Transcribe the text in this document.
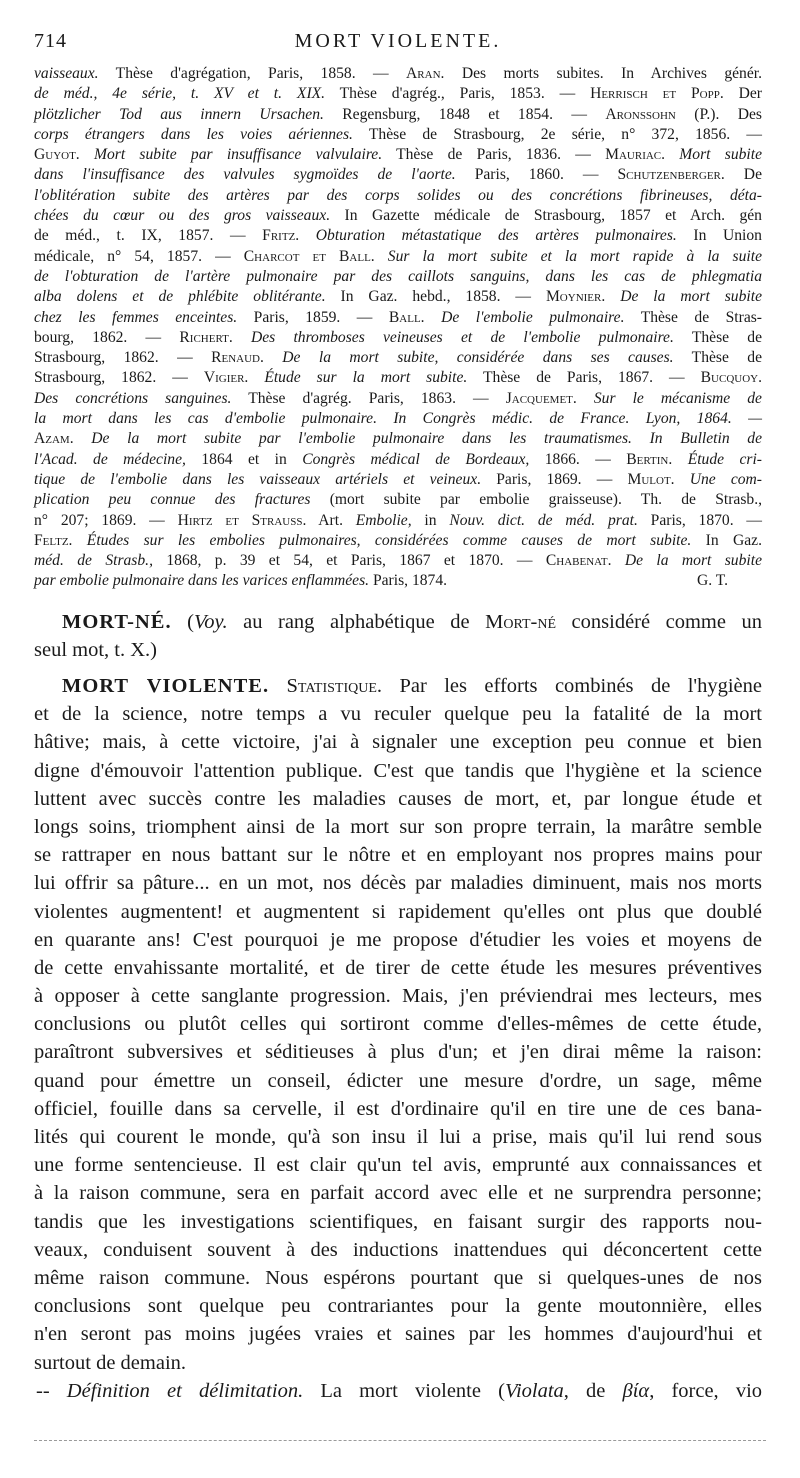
714	MORT VIOLENTE.
vaisseaux. Thèse d'agrégation, Paris, 1858. — Aran. Des morts subites. In Archives génér.
de méd., 4e série, t. XV et t. XIX. Thèse d'agrég., Paris, 1853. — Herrisch et Popp. Der
plötzlicher Tod aus innern Ursachen. Regensburg, 1848 et 1854. — Aronssohn (P.). Des
corps étrangers dans les voies aériennes. Thèse de Strasbourg, 2e série, n° 372, 1856. —
Guyot. Mort subite par insuffisance valvulaire. Thèse de Paris, 1836. — Mauriac. Mort subite
dans l'insuffisance des valvules sygmoïdes de l'aorte. Paris, 1860. — Schutzenberger. De
l'oblitération subite des artères par des corps solides ou des concrétions fibrineuses, déta-
chées du cœur ou des gros vaisseaux. In Gazette médicale de Strasbourg, 1857 et Arch. gén
de méd., t. IX, 1857. — Fritz. Obturation métastatique des artères pulmonaires. In Union
médicale, n° 54, 1857. — Charcot et Ball. Sur la mort subite et la mort rapide à la suite
de l'obturation de l'artère pulmonaire par des caillots sanguins, dans les cas de phlegmatia
alba dolens et de phlébite oblitérante. In Gaz. hebd., 1858. — Moynier. De la mort subite
chez les femmes enceintes. Paris, 1859. — Ball. De l'embolie pulmonaire. Thèse de Stras-
bourg, 1862. — Richert. Des thromboses veineuses et de l'embolie pulmonaire. Thèse de
Strasbourg, 1862. — Renaud. De la mort subite, considérée dans ses causes. Thèse de
Strasbourg, 1862. — Vigier. Étude sur la mort subite. Thèse de Paris, 1867. — Bucquoy.
Des concrétions sanguines. Thèse d'agrég. Paris, 1863. — Jacquemet. Sur le mécanisme de
la mort dans les cas d'embolie pulmonaire. In Congrès médic. de France. Lyon, 1864. —
Azam. De la mort subite par l'embolie pulmonaire dans les traumatismes. In Bulletin de
l'Acad. de médecine, 1864 et in Congrès médical de Bordeaux, 1866. — Bertin. Étude cri-
tique de l'embolie dans les vaisseaux artériels et veineux. Paris, 1869. — Mulot. Une com-
plication peu connue des fractures (mort subite par embolie graisseuse). Th. de Strasb.,
n° 207; 1869. — Hirtz et Strauss. Art. Embolie, in Nouv. dict. de méd. prat. Paris, 1870. —
Feltz. Études sur les embolies pulmonaires, considérées comme causes de mort subite. In Gaz.
méd. de Strasb., 1868, p. 39 et 54, et Paris, 1867 et 1870. — Chabenat. De la mort subite
par embolie pulmonaire dans les varices enflammées. Paris, 1874.	G. T.
MORT-NÉ. (Voy. au rang alphabétique de Mort-né considéré comme un
seul mot, t. X.)
MORT VIOLENTE. Statistique. Par les efforts combinés de l'hygiène
et de la science, notre temps a vu reculer quelque peu la fatalité de la mort
hâtive; mais, à cette victoire, j'ai à signaler une exception peu connue et bien
digne d'émouvoir l'attention publique. C'est que tandis que l'hygiène et la science
luttent avec succès contre les maladies causes de mort, et, par longue étude et
longs soins, triomphent ainsi de la mort sur son propre terrain, la marâtre semble
se rattraper en nous battant sur le nôtre et en employant nos propres mains pour
lui offrir sa pâture... en un mot, nos décès par maladies diminuent, mais nos morts
violentes augmentent! et augmentent si rapidement qu'elles ont plus que doublé
en quarante ans! C'est pourquoi je me propose d'étudier les voies et moyens de
de cette envahissante mortalité, et de tirer de cette étude les mesures préventives
à opposer à cette sanglante progression. Mais, j'en préviendrai mes lecteurs, mes
conclusions ou plutôt celles qui sortiront comme d'elles-mêmes de cette étude,
paraîtront subversives et séditieuses à plus d'un; et j'en dirai même la raison:
quand pour émettre un conseil, édicter une mesure d'ordre, un sage, même
officiel, fouille dans sa cervelle, il est d'ordinaire qu'il en tire une de ces bana-
lités qui courent le monde, qu'à son insu il lui a prise, mais qu'il lui rend sous
une forme sentencieuse. Il est clair qu'un tel avis, emprunté aux connaissances et
à la raison commune, sera en parfait accord avec elle et ne surprendra personne;
tandis que les investigations scientifiques, en faisant surgir des rapports nou-
veaux, conduisent souvent à des inductions inattendues qui déconcertent cette
même raison commune. Nous espérons pourtant que si quelques-unes de nos
conclusions sont quelque peu contrariantes pour la gente moutonnière, elles
n'en seront pas moins jugées vraies et saines par les hommes d'aujourd'hui et
surtout de demain.
-- Définition et délimitation. La mort violente (Violata, de βία, force, vio
